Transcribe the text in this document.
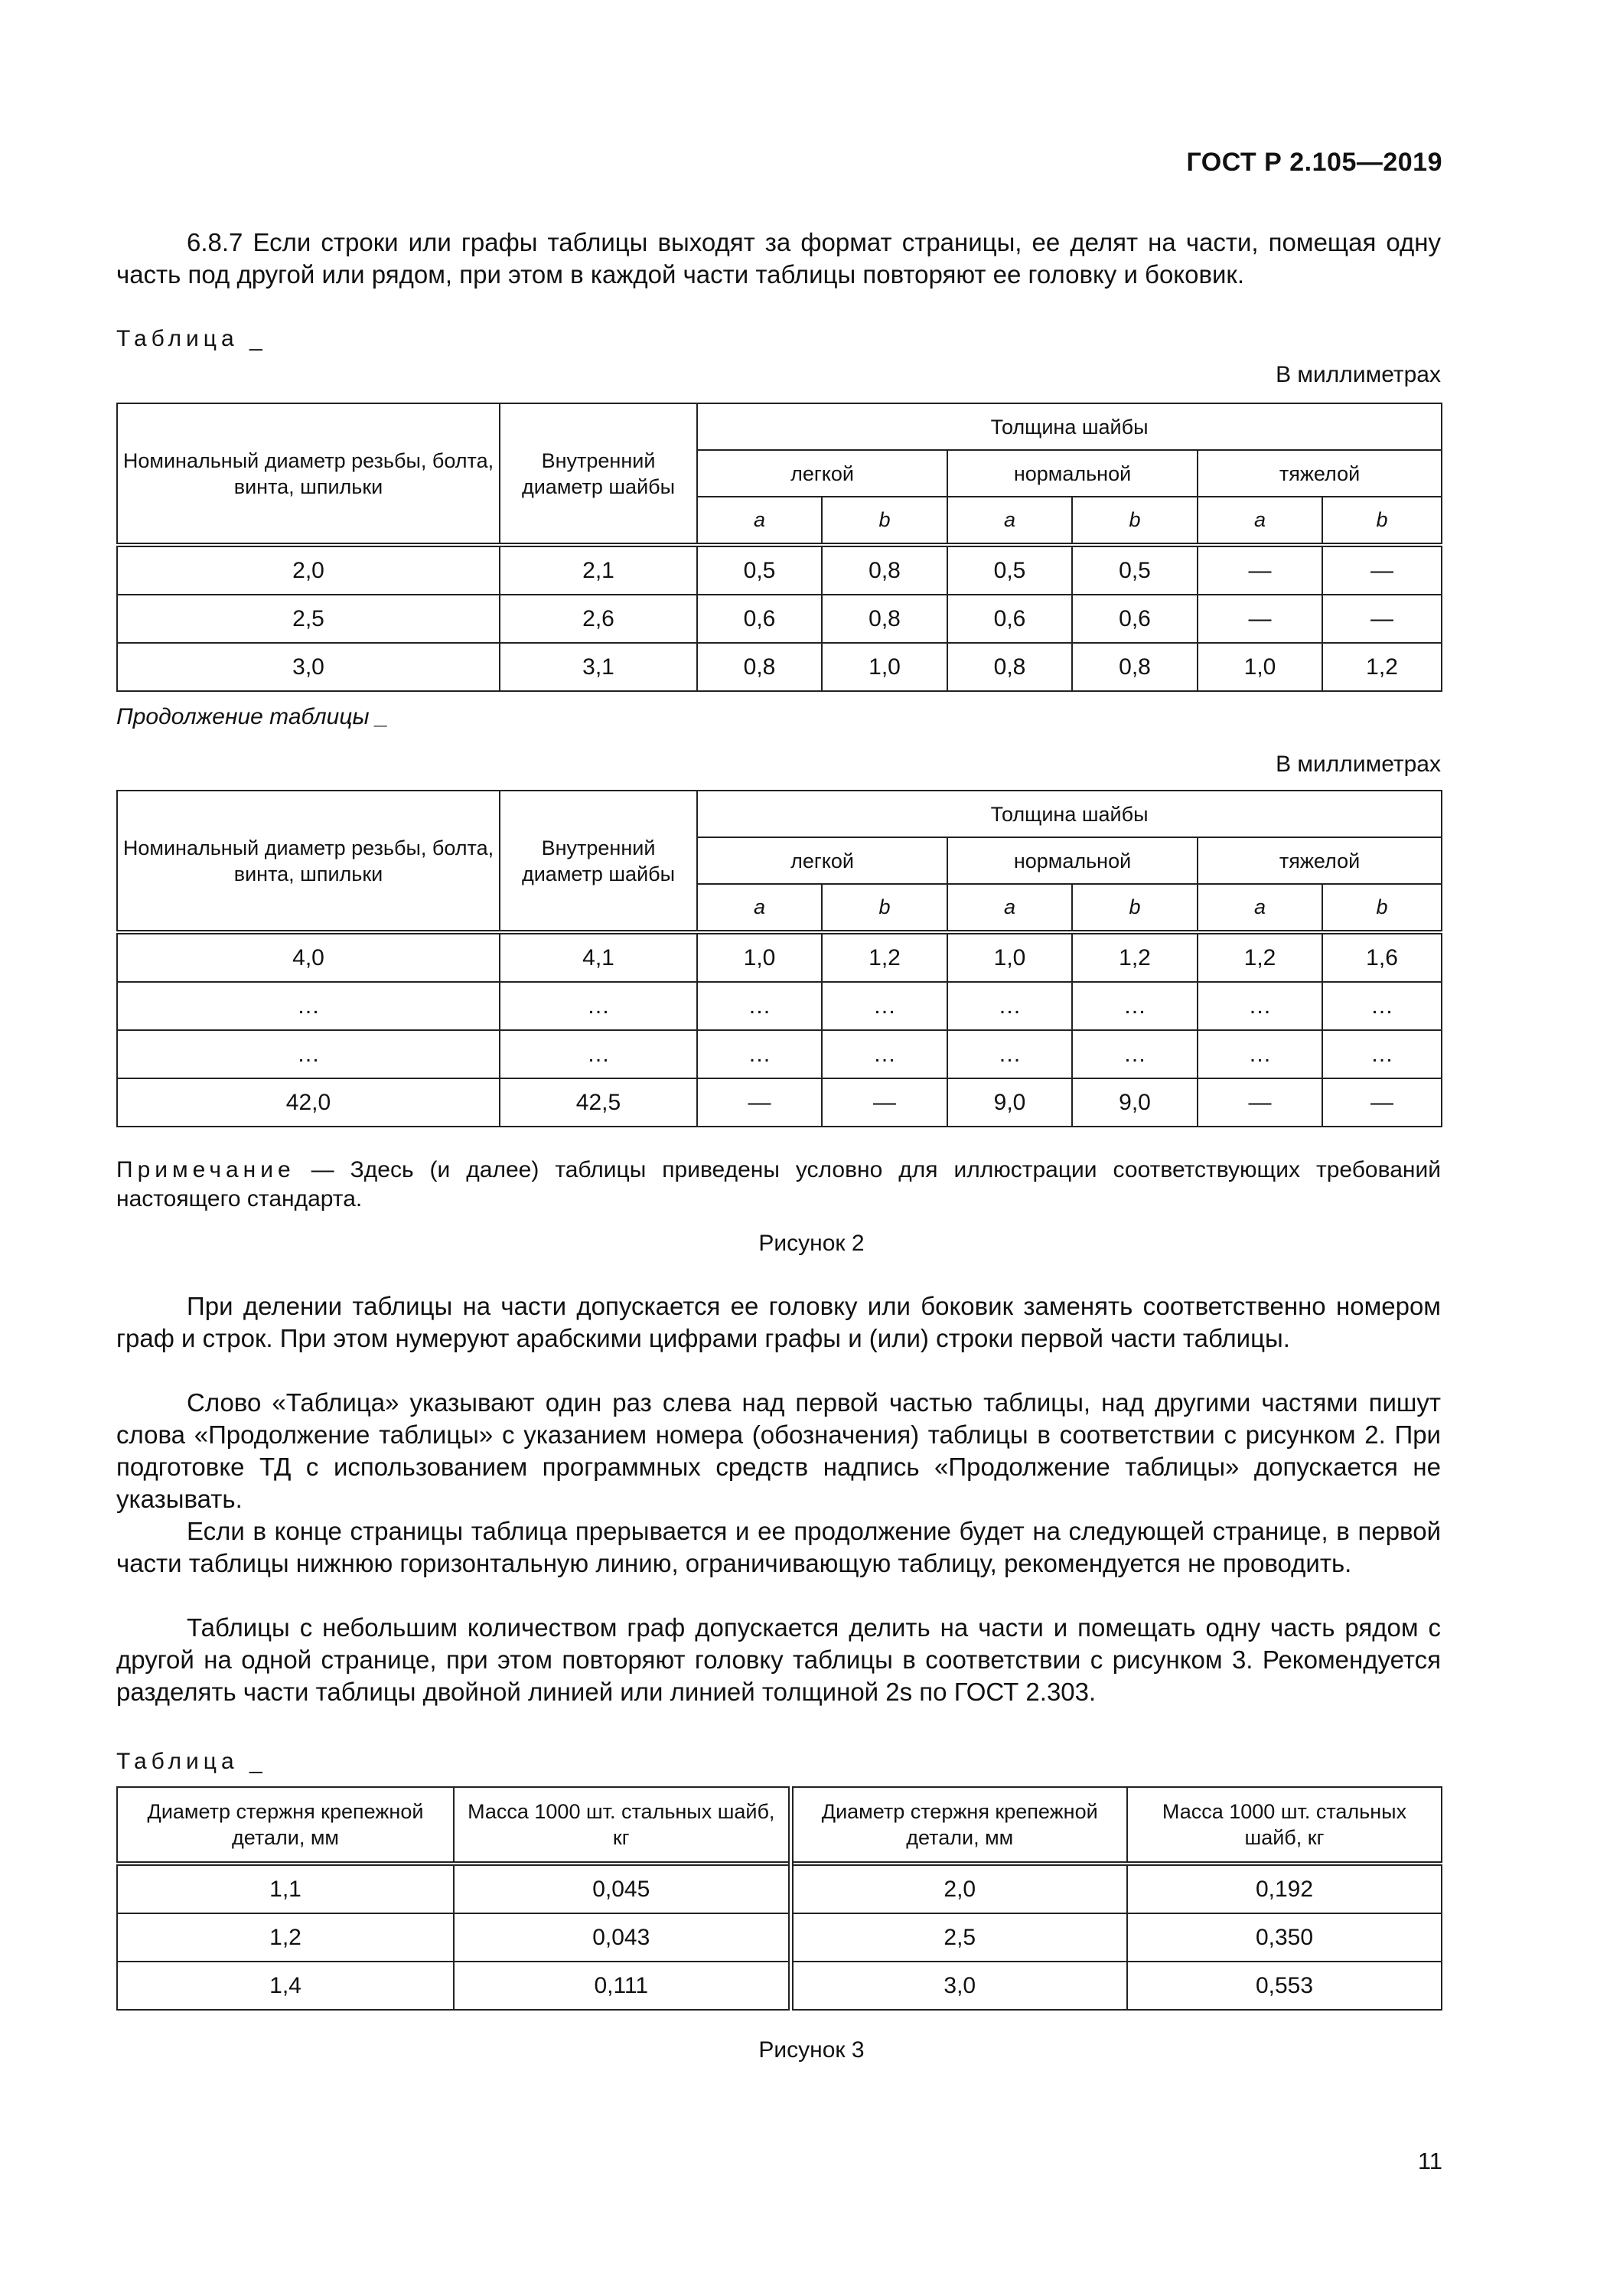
ГОСТ Р 2.105—2019

6.8.7 Если строки или графы таблицы выходят за формат страницы, ее делят на части, помещая одну часть под другой или рядом, при этом в каждой части таблицы повторяют ее головку и боковик.

Таблица _
В миллиметрах
Номинальный диаметр резьбы, болта, винта, шпильки	Внутренний диаметр шайбы	Толщина шайбы					
		легкой		нормальной		тяжелой	
		a	b	a	b	a	b
2,0	2,1	0,5	0,8	0,5	0,5	—	—
2,5	2,6	0,6	0,8	0,6	0,6	—	—
3,0	3,1	0,8	1,0	0,8	0,8	1,0	1,2
Продолжение таблицы _
В миллиметрах
Номинальный диаметр резьбы, болта, винта, шпильки	Внутренний диаметр шайбы	Толщина шайбы					
		легкой		нормальной		тяжелой	
		a	b	a	b	a	b
4,0	4,1	1,0	1,2	1,0	1,2	1,2	1,6
…	…	…	…	…	…	…	…
…	…	…	…	…	…	…	…
42,0	42,5	—	—	9,0	9,0	—	—
Примечание — Здесь (и далее) таблицы приведены условно для иллюстрации соответствующих требований настоящего стандарта.
Рисунок 2

При делении таблицы на части допускается ее головку или боковик заменять соответственно номером граф и строк. При этом нумеруют арабскими цифрами графы и (или) строки первой части таблицы.

Слово «Таблица» указывают один раз слева над первой частью таблицы, над другими частями пишут слова «Продолжение таблицы» с указанием номера (обозначения) таблицы в соответствии с рисунком 2. При подготовке ТД с использованием программных средств надпись «Продолжение таблицы» допускается не указывать.

Если в конце страницы таблица прерывается и ее продолжение будет на следующей странице, в первой части таблицы нижнюю горизонтальную линию, ограничивающую таблицу, рекомендуется не проводить.

Таблицы с небольшим количеством граф допускается делить на части и помещать одну часть рядом с другой на одной странице, при этом повторяют головку таблицы в соответствии с рисунком 3. Рекомендуется разделять части таблицы двойной линией или линией толщиной 2s по ГОСТ 2.303.

Таблица _
Диаметр стержня крепежной детали, мм	Масса 1000 шт. стальных шайб, кг	Диаметр стержня крепежной детали, мм	Масса 1000 шт. стальных шайб, кг
1,1	0,045	2,0	0,192
1,2	0,043	2,5	0,350
1,4	0,111	3,0	0,553
Рисунок 3
11
